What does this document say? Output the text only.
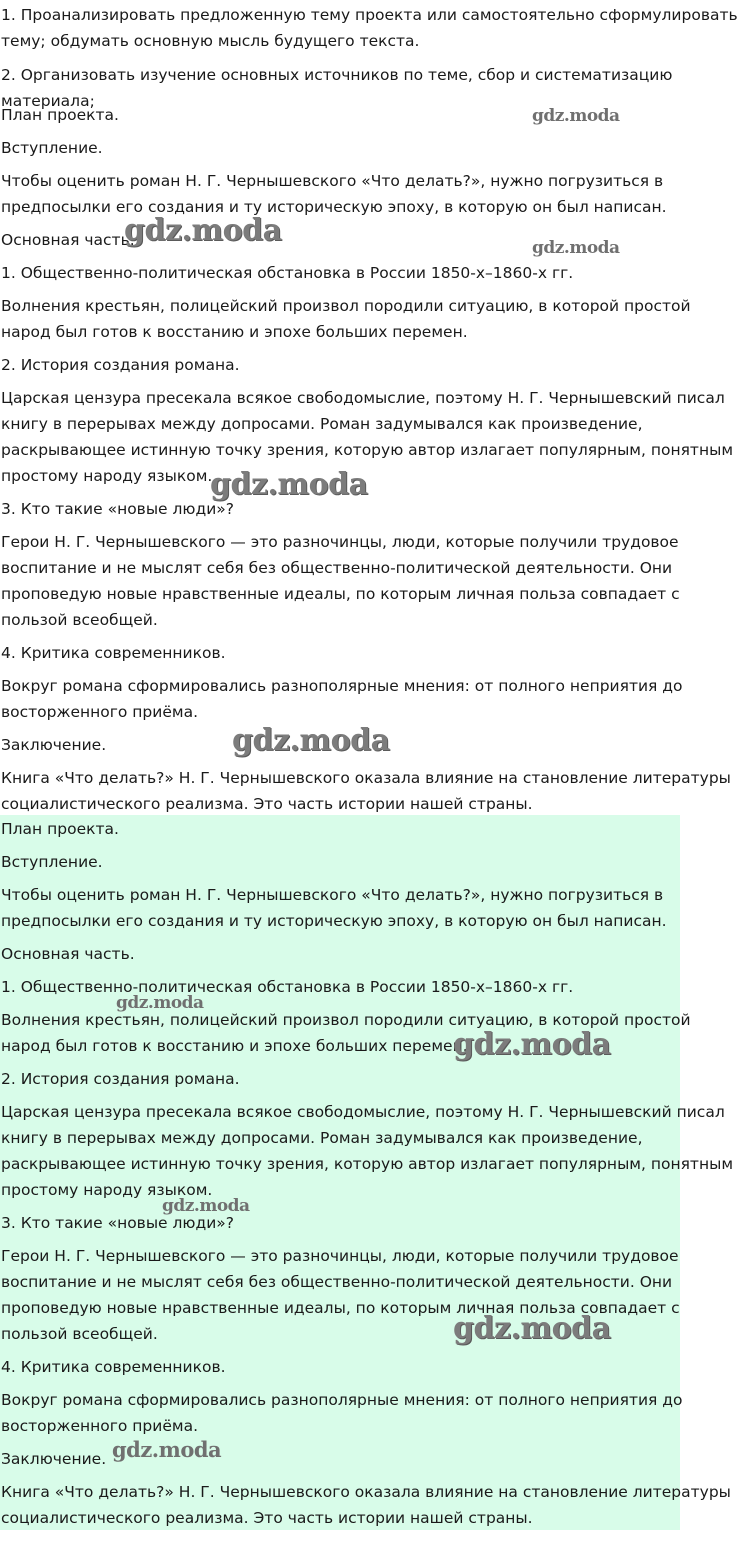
1. Проанализировать предложенную тему проекта или самостоятельно сформулировать

тему; обдумать основную мысль будущего текста.

2. Организовать изучение основных источников по теме, сбор и систематизацию

материала;

План проекта.

Вступление.

Чтобы оценить роман Н. Г. Чернышевского «Что делать?», нужно погрузиться в

предпосылки его создания и ту историческую эпоху, в которую он был написан.

Основная часть.

1. Общественно-политическая обстановка в России 1850-х–1860-х гг.

Волнения крестьян, полицейский произвол породили ситуацию, в которой простой

народ был готов к восстанию и эпохе больших перемен.

2. История создания романа.

Царская цензура пресекала всякое свободомыслие, поэтому Н. Г. Чернышевский писал

книгу в перерывах между допросами. Роман задумывался как произведение,

раскрывающее истинную точку зрения, которую автор излагает популярным, понятным

простому народу языком.

3. Кто такие «новые люди»?

Герои Н. Г. Чернышевского — это разночинцы, люди, которые получили трудовое

воспитание и не мыслят себя без общественно-политической деятельности. Они

проповедую новые нравственные идеалы, по которым личная польза совпадает с

пользой всеобщей.

4. Критика современников.

Вокруг романа сформировались разнополярные мнения: от полного неприятия до

восторженного приёма.

Заключение.

Книга «Что делать?» Н. Г. Чернышевского оказала влияние на становление литературы

социалистического реализма. Это часть истории нашей страны.

План проекта.

Вступление.

Чтобы оценить роман Н. Г. Чернышевского «Что делать?», нужно погрузиться в

предпосылки его создания и ту историческую эпоху, в которую он был написан.

Основная часть.

1. Общественно-политическая обстановка в России 1850-х–1860-х гг.

Волнения крестьян, полицейский произвол породили ситуацию, в которой простой

народ был готов к восстанию и эпохе больших перемен.

2. История создания романа.

Царская цензура пресекала всякое свободомыслие, поэтому Н. Г. Чернышевский писал

книгу в перерывах между допросами. Роман задумывался как произведение,

раскрывающее истинную точку зрения, которую автор излагает популярным, понятным

простому народу языком.

3. Кто такие «новые люди»?

Герои Н. Г. Чернышевского — это разночинцы, люди, которые получили трудовое

воспитание и не мыслят себя без общественно-политической деятельности. Они

проповедую новые нравственные идеалы, по которым личная польза совпадает с

пользой всеобщей.

4. Критика современников.

Вокруг романа сформировались разнополярные мнения: от полного неприятия до

восторженного приёма.

Заключение.

Книга «Что делать?» Н. Г. Чернышевского оказала влияние на становление литературы

социалистического реализма. Это часть истории нашей страны.

gdz.moda
gdz.moda	gdz.moda
gdz.moda
gdz.moda
gdz.moda
gdz.moda
gdz.moda
gdz.moda
gdz.moda
